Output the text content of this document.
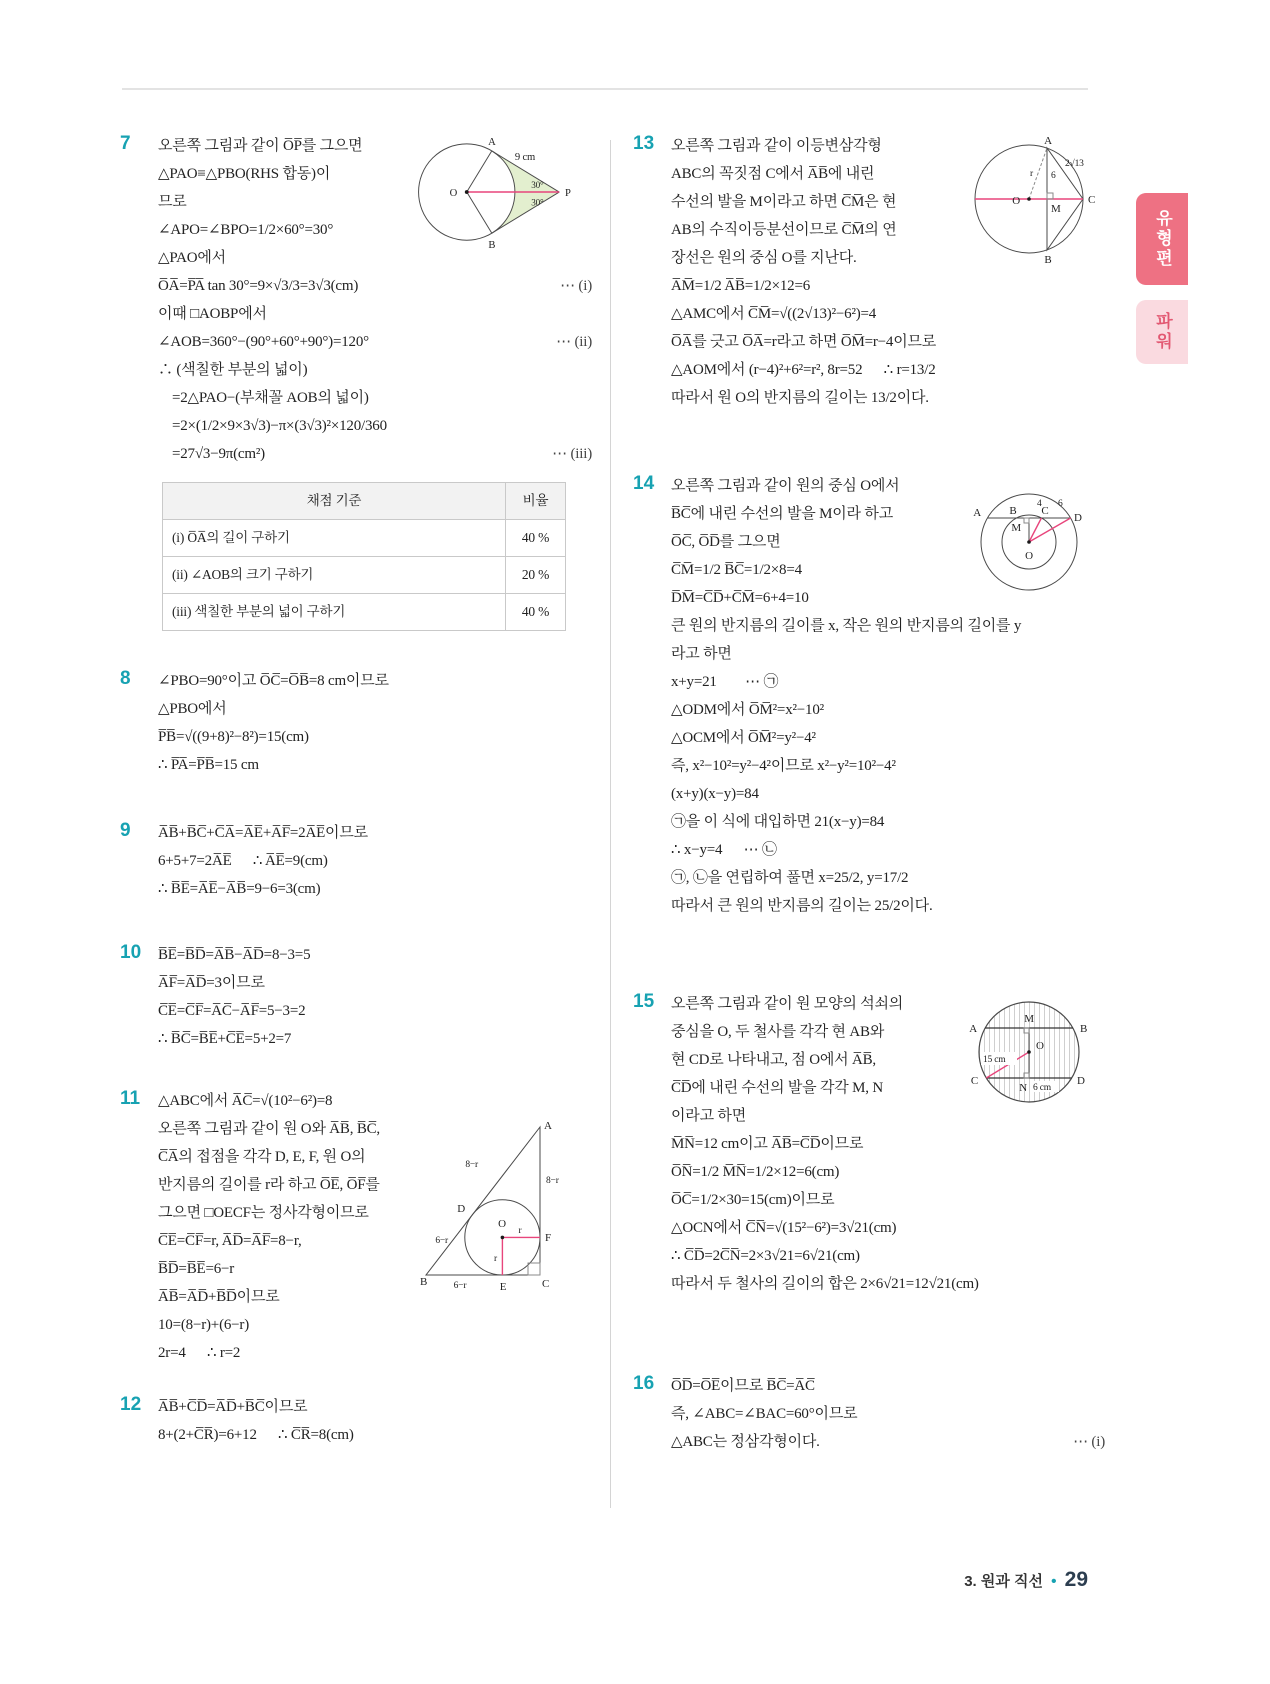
유형편
파워
7	A
B
O	P
9 cm
30°
30°
오른쪽 그림과 같이 O̅P̅를 그으면
△PAO≡△PBO(RHS 합동)이
므로
∠APO=∠BPO=1/2×60°=30°
△PAO에서
O̅A̅=P̅A̅ tan 30°=9×√3/3=3√3(cm)	⋯ (i)
이때 □AOBP에서
∠AOB=360°−(90°+60°+90°)=120°	⋯ (ii)
∴ (색칠한 부분의 넓이)
=2△PAO−(부채꼴 AOB의 넓이)
=2×(1/2×9×3√3)−π×(3√3)²×120/360
=27√3−9π(cm²)	⋯ (iii)
채점 기준	비율
(i) O̅A̅의 길이 구하기	40 %
(ii) ∠AOB의 크기 구하기	20 %
(iii) 색칠한 부분의 넓이 구하기	40 %
8	∠PBO=90°이고 O̅C̅=O̅B̅=8 cm이므로
△PBO에서
P̅B̅=√((9+8)²−8²)=15(cm)
∴ P̅A̅=P̅B̅=15 cm
9	A̅B̅+B̅C̅+C̅A̅=A̅E̅+A̅F̅=2A̅E̅이므로
6+5+7=2A̅E̅      ∴ A̅E̅=9(cm)
∴ B̅E̅=A̅E̅−A̅B̅=9−6=3(cm)
10	B̅E̅=B̅D̅=A̅B̅−A̅D̅=8−3=5
A̅F̅=A̅D̅=3이므로
C̅E̅=C̅F̅=A̅C̅−A̅F̅=5−3=2
∴ B̅C̅=B̅E̅+C̅E̅=5+2=7
11	△ABC에서 A̅C̅=√(10²−6²)=8
A
B	C
D
E
F
O
r
r
8−r
8−r
6−r
6−r
오른쪽 그림과 같이 원 O와 A̅B̅, B̅C̅,
C̅A̅의 접점을 각각 D, E, F, 원 O의
반지름의 길이를 r라 하고 O̅E̅, O̅F̅를
그으면 □OECF는 정사각형이므로
C̅E̅=C̅F̅=r, A̅D̅=A̅F̅=8−r,
B̅D̅=B̅E̅=6−r
A̅B̅=A̅D̅+B̅D̅이므로
10=(8−r)+(6−r)
2r=4      ∴ r=2
12	A̅B̅+C̅D̅=A̅D̅+B̅C̅이므로
8+(2+C̅R̅)=6+12      ∴ C̅R̅=8(cm)
13	A
B
C
M
O
2√13
6
r
오른쪽 그림과 같이 이등변삼각형
ABC의 꼭짓점 C에서 A̅B̅에 내린
수선의 발을 M이라고 하면 C̅M̅은 현
AB의 수직이등분선이므로 C̅M̅의 연
장선은 원의 중심 O를 지난다.
A̅M̅=1/2 A̅B̅=1/2×12=6
△AMC에서 C̅M̅=√((2√13)²−6²)=4
O̅A̅를 긋고 O̅A̅=r라고 하면 O̅M̅=r−4이므로
△AOM에서 (r−4)²+6²=r², 8r=52      ∴ r=13/2
따라서 원 O의 반지름의 길이는 13/2이다.
14
A	B C
D
M
O
4 6
오른쪽 그림과 같이 원의 중심 O에서
B̅C̅에 내린 수선의 발을 M이라 하고
O̅C̅, O̅D̅를 그으면
C̅M̅=1/2 B̅C̅=1/2×8=4
D̅M̅=C̅D̅+C̅M̅=6+4=10
큰 원의 반지름의 길이를 x, 작은 원의 반지름의 길이를 y
라고 하면
x+y=21        ⋯ ㉠
△ODM에서 O̅M̅²=x²−10²
△OCM에서 O̅M̅²=y²−4²
즉, x²−10²=y²−4²이므로 x²−y²=10²−4²
(x+y)(x−y)=84
㉠을 이 식에 대입하면 21(x−y)=84
∴ x−y=4      ⋯ ㉡
㉠, ㉡을 연립하여 풀면 x=25/2, y=17/2
따라서 큰 원의 반지름의 길이는 25/2이다.
15
15 cm
6 cm
M
A	B
C	D
N
O
오른쪽 그림과 같이 원 모양의 석쇠의
중심을 O, 두 철사를 각각 현 AB와
현 CD로 나타내고, 점 O에서 A̅B̅,
C̅D̅에 내린 수선의 발을 각각 M, N
이라고 하면
M̅N̅=12 cm이고 A̅B̅=C̅D̅이므로
O̅N̅=1/2 M̅N̅=1/2×12=6(cm)
O̅C̅=1/2×30=15(cm)이므로
△OCN에서 C̅N̅=√(15²−6²)=3√21(cm)
∴ C̅D̅=2C̅N̅=2×3√21=6√21(cm)
따라서 두 철사의 길이의 합은 2×6√21=12√21(cm)
16	O̅D̅=O̅E̅이므로 B̅C̅=A̅C̅
즉, ∠ABC=∠BAC=60°이므로
△ABC는 정삼각형이다.	⋯ (i)
3. 원과 직선 • 29
